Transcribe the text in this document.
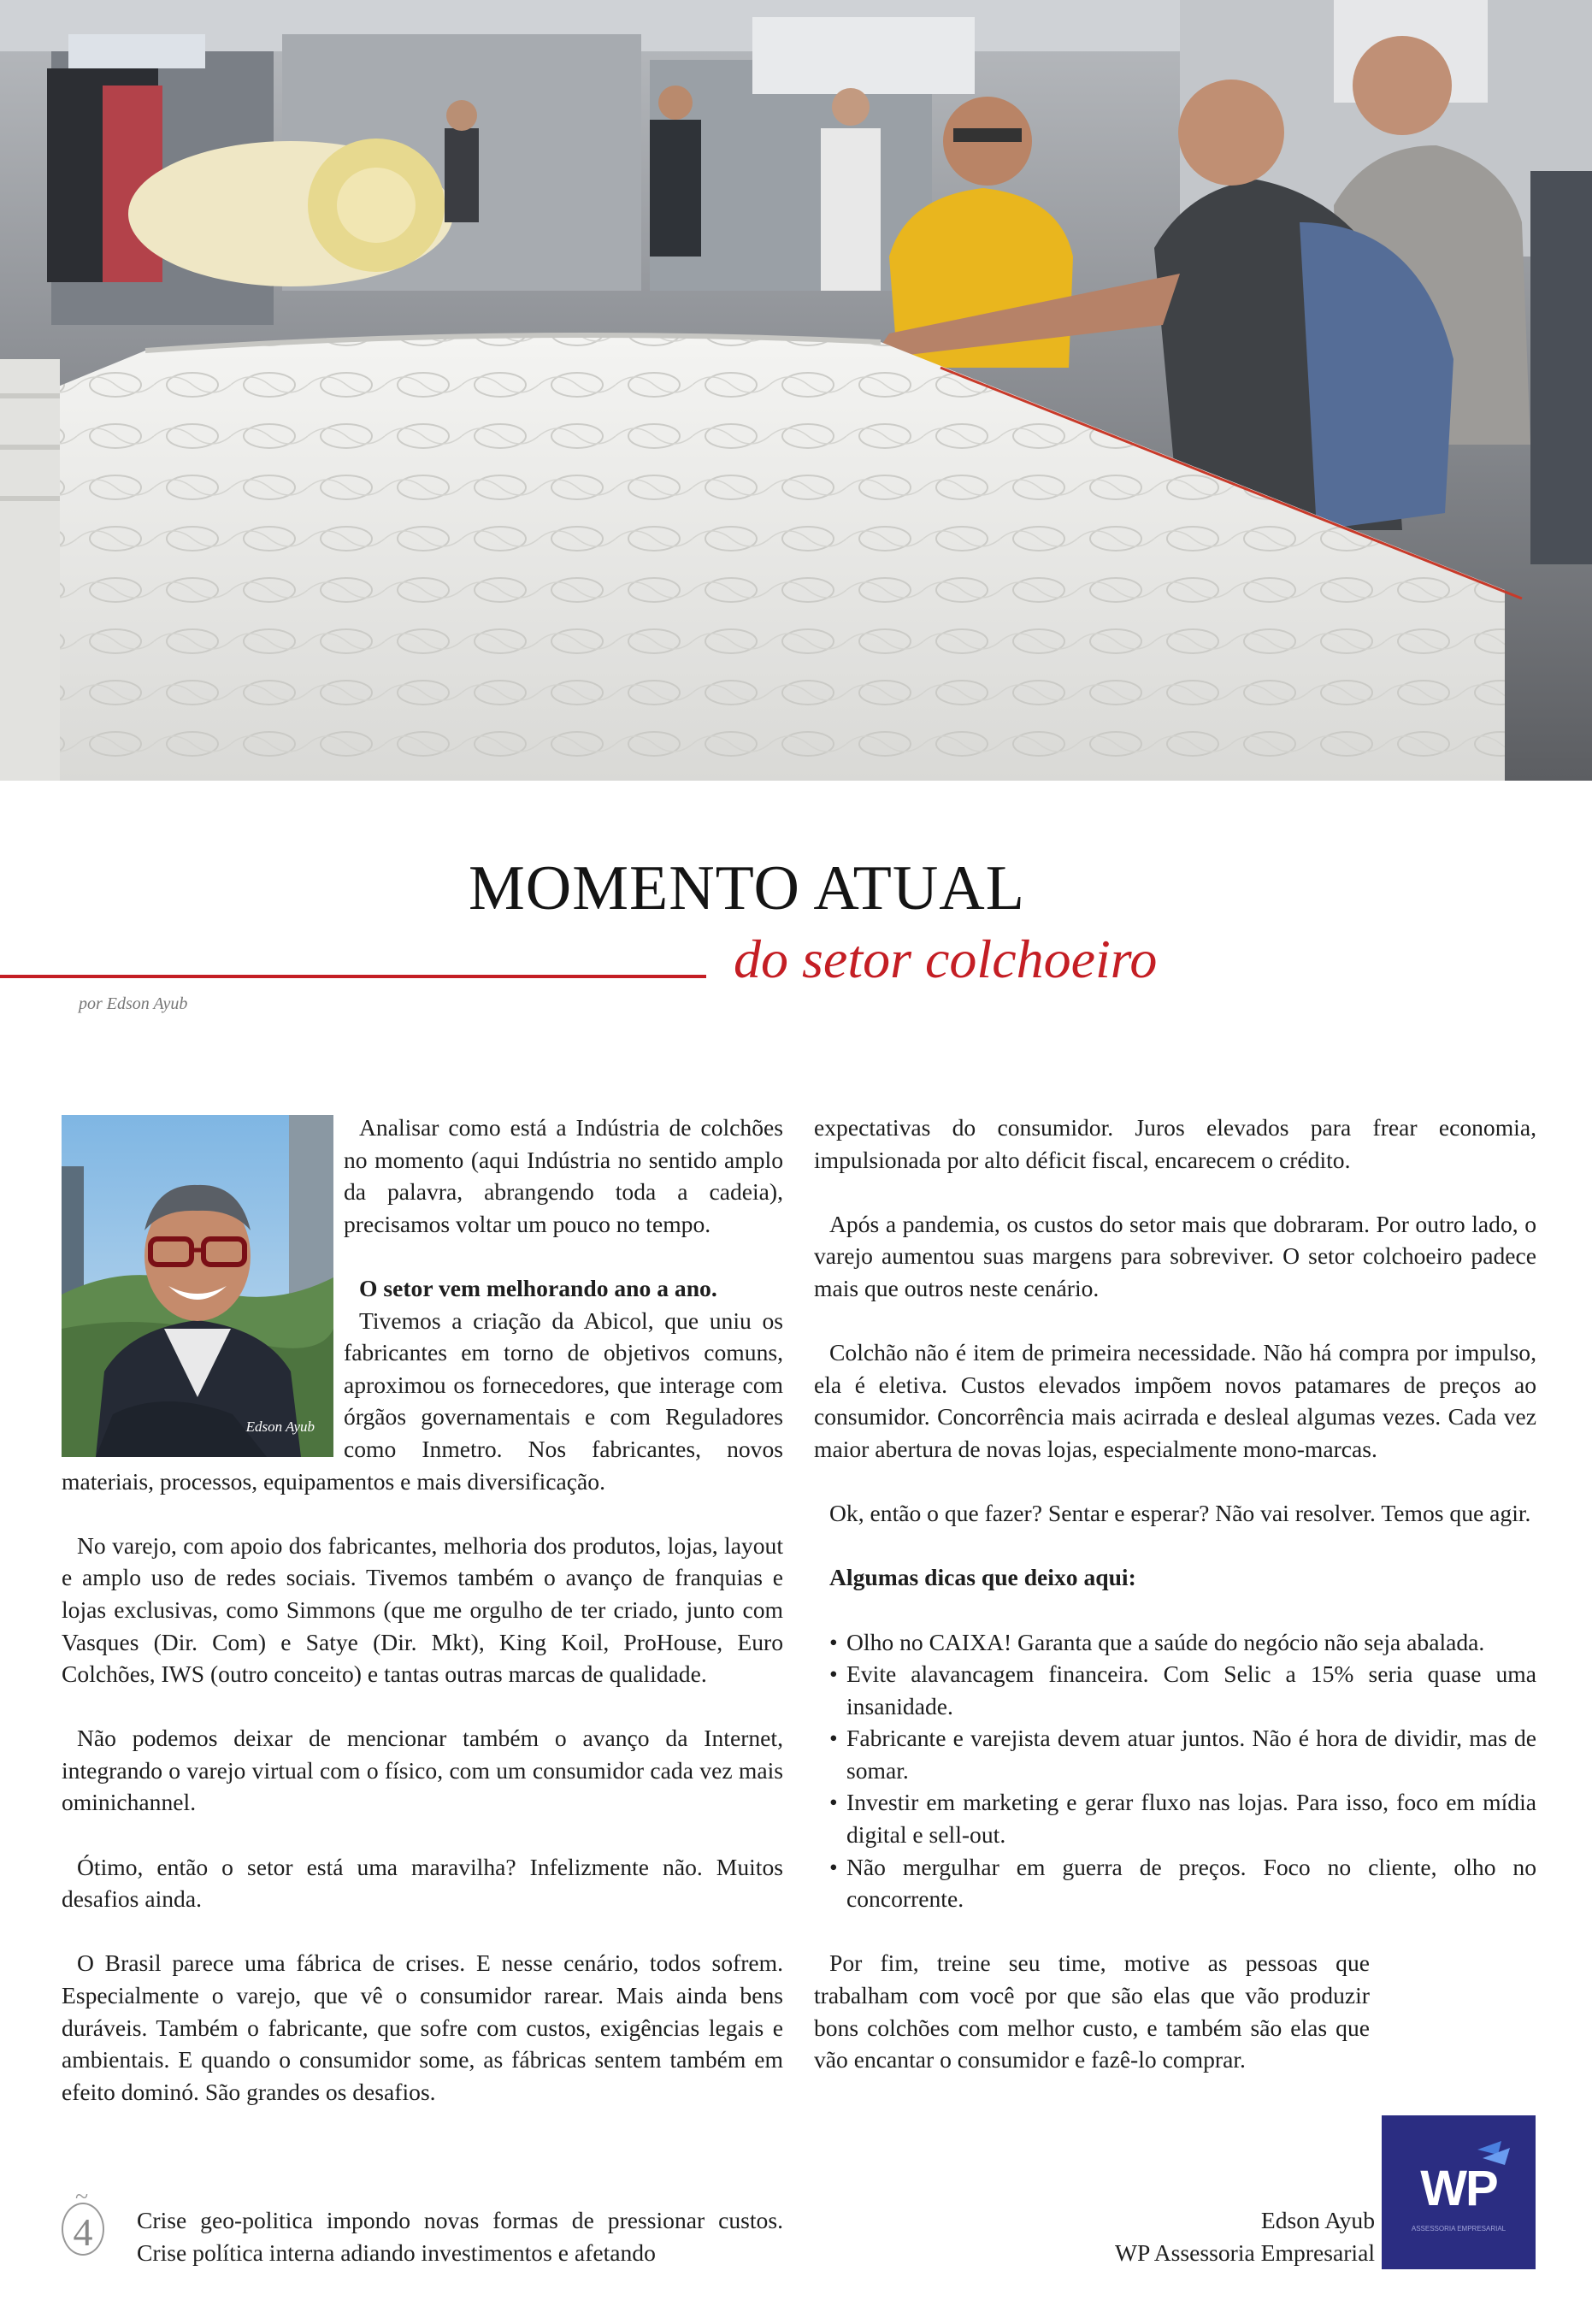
MOMENTO ATUAL
do setor colchoeiro
por Edson Ayub
Edson Ayub

Analisar como está a Indústria de colchões no momento (aqui Indústria no sentido amplo da palavra, abrangendo toda a cadeia), precisamos voltar um pouco no tempo.

O setor vem melhorando ano a ano.

Tivemos a criação da Abicol, que uniu os fabricantes em torno de objetivos comuns, aproximou os fornecedores, que interage com órgãos governamentais e com Reguladores como Inmetro. Nos fabricantes, novos materiais, processos, equipamentos e mais diversificação.

No varejo, com apoio dos fabricantes, melhoria dos produtos, lojas, layout e amplo uso de redes sociais. Tivemos também o avanço de franquias e lojas exclusivas, como Simmons (que me orgulho de ter criado, junto com Vasques (Dir. Com) e Satye (Dir. Mkt), King Koil, ProHouse, Euro Colchões, IWS (outro conceito) e tantas outras marcas de qualidade.

Não podemos deixar de mencionar também o avanço da Internet, integrando o varejo virtual com o físico, com um consumidor cada vez mais ominichannel.

Ótimo, então o setor está uma maravilha? Infelizmente não. Muitos desafios ainda.

O Brasil parece uma fábrica de crises. E nesse cenário, todos sofrem. Especialmente o varejo, que vê o consumidor rarear. Mais ainda bens duráveis. Também o fabricante, que sofre com custos, exigências legais e ambientais. E quando o consumidor some, as fábricas sentem também em efeito dominó. São grandes os desafios.

Crise geo-politica impondo novas formas de pressionar custos. Crise política interna adiando investimentos e afetando
~
4

expectativas do consumidor. Juros elevados para frear economia, impulsionada por alto déficit fiscal, encarecem o crédito.

Após a pandemia, os custos do setor mais que dobraram. Por outro lado, o varejo aumentou suas margens para sobreviver. O setor colchoeiro padece mais que outros neste cenário.

Colchão não é item de primeira necessidade. Não há compra por impulso, ela é eletiva. Custos elevados impõem novos patamares de preços ao consumidor. Concorrência mais acirrada e desleal algumas vezes. Cada vez maior abertura de novas lojas, especialmente mono-marcas.

Ok, então o que fazer? Sentar e esperar? Não vai resolver. Temos que agir.

Algumas dicas que deixo aqui:

• Olho no CAIXA! Garanta que a saúde do negócio não seja abalada.
• Evite alavancagem financeira. Com Selic a 15% seria quase uma insanidade.
• Fabricante e varejista devem atuar juntos. Não é hora de dividir, mas de somar.
• Investir em marketing e gerar fluxo nas lojas. Para isso, foco em mídia digital e sell-out.
• Não mergulhar em guerra de preços. Foco no cliente, olho no concorrente.

Por fim, treine seu time, motive as pessoas que trabalham com você por que são elas que vão produzir bons colchões com melhor custo, e também são elas que vão encantar o consumidor e fazê-lo comprar.

Edson Ayub
WP Assessoria Empresarial
WP
ASSESSORIA EMPRESARIAL
